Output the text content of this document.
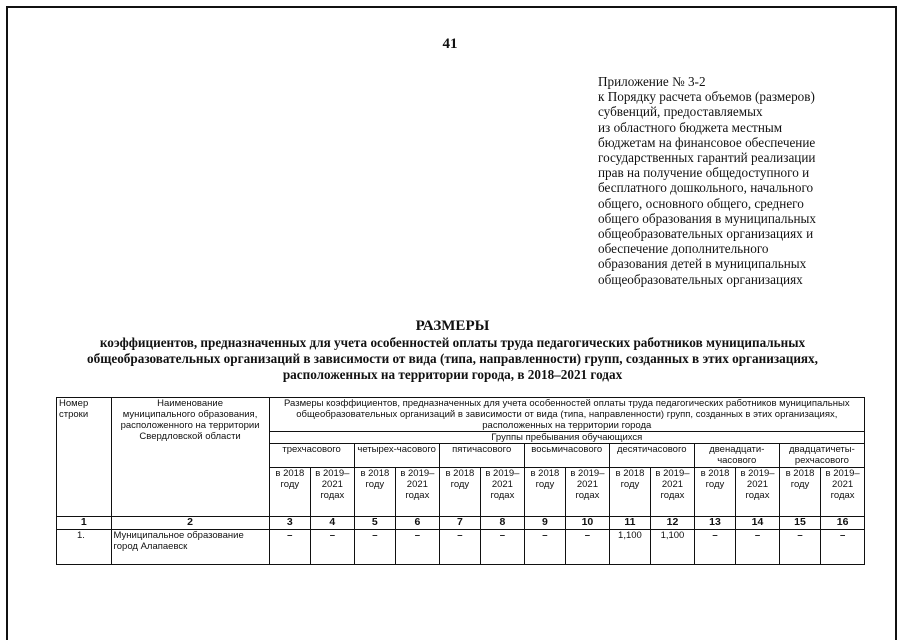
41
Приложение № 3-2
к Порядку расчета объемов (размеров)
субвенций, предоставляемых
из областного бюджета местным
бюджетам на финансовое обеспечение
государственных гарантий реализации
прав на получение общедоступного и
бесплатного дошкольного, начального
общего, основного общего, среднего
общего образования в муниципальных
общеобразовательных организациях и
обеспечение дополнительного
образования детей в муниципальных
общеобразовательных организациях
РАЗМЕРЫ
коэффициентов, предназначенных для учета особенностей оплаты труда педагогических работников муниципальных
общеобразовательных организаций в зависимости от вида (типа, направленности) групп, созданных в этих организациях,
расположенных на территории города, в 2018–2021 годах
Номер строки	Наименование муниципального образования, расположенного на территории Свердловской области	Размеры коэффициентов, предназначенных для учета особенностей оплаты труда педагогических работников муниципальных общеобразовательных организаций в зависимости от вида (типа, направленности) групп, созданных в этих организациях, расположенных на территории города													
		Группы пребывания обучающихся													
		трехчасового		четырех-часового		пятичасового		восьмичасового		десятичасового		двенадцати-часового		двадцатичеты-рехчасового	
		в 2018 году	в 2019–2021 годах	в 2018 году	в 2019–2021 годах	в 2018 году	в 2019–2021 годах	в 2018 году	в 2019–2021 годах	в 2018 году	в 2019–2021 годах	в 2018 году	в 2019–2021 годах	в 2018 году	в 2019–2021 годах
1	2	3	4	5	6	7	8	9	10	11	12	13	14	15	16
1.	Муниципальное образование город Алапаевск	–	–	–	–	–	–	–	–	1,100	1,100	–	–	–	–
